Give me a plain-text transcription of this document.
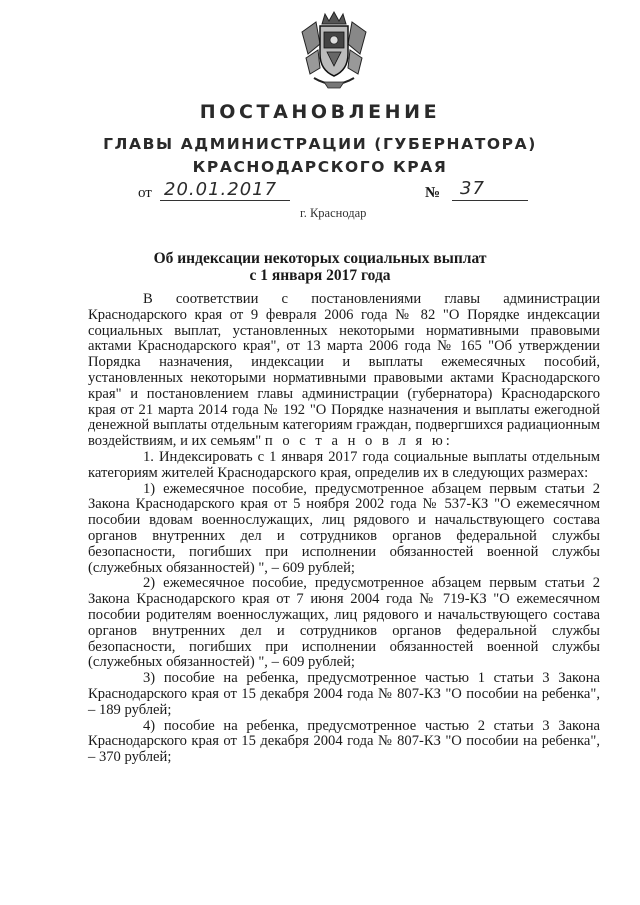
ПОСТАНОВЛЕНИЕ
ГЛАВЫ АДМИНИСТРАЦИИ (ГУБЕРНАТОРА)
КРАСНОДАРСКОГО КРАЯ
от 20.01.2017	№ 37
г. Краснодар
Об индексации некоторых социальных выплат
с 1 января 2017 года

В соответствии с постановлениями главы администрации Краснодарского края от 9 февраля 2006 года № 82 "О Порядке индексации социальных выплат, установленных некоторыми нормативными правовыми актами Краснодарского края", от 13 марта 2006 года № 165 "Об утверждении Порядка назначения, индексации и выплаты ежемесячных пособий, установленных некоторыми нормативными правовыми актами Краснодарского края" и постановлением главы администрации (губернатора) Краснодарского края от 21 марта 2014 года № 192 "О Порядке назначения и выплаты ежегодной денежной выплаты отдельным категориям граждан, подвергшихся радиационным воздействиям, и их семьям" п о с т а н о в л я ю:

1. Индексировать с 1 января 2017 года социальные выплаты отдельным категориям жителей Краснодарского края, определив их в следующих размерах:

1) ежемесячное пособие, предусмотренное абзацем первым статьи 2 Закона Краснодарского края от 5 ноября 2002 года № 537-КЗ "О ежемесячном пособии вдовам военнослужащих, лиц рядового и начальствующего состава органов внутренних дел и сотрудников органов федеральной службы безопасности, погибших при исполнении обязанностей военной службы (служебных обязанностей) ", – 609 рублей;

2) ежемесячное пособие, предусмотренное абзацем первым статьи 2 Закона Краснодарского края от 7 июня 2004 года № 719-КЗ "О ежемесячном пособии родителям военнослужащих, лиц рядового и начальствующего состава органов внутренних дел и сотрудников органов федеральной службы безопасности, погибших при исполнении обязанностей военной службы (служебных обязанностей) ", – 609 рублей;

3) пособие на ребенка, предусмотренное частью 1 статьи 3 Закона Краснодарского края от 15 декабря 2004 года № 807-КЗ "О пособии на ребенка", – 189 рублей;

4) пособие на ребенка, предусмотренное частью 2 статьи 3 Закона Краснодарского края от 15 декабря 2004 года № 807-КЗ "О пособии на ребенка", – 370 рублей;
